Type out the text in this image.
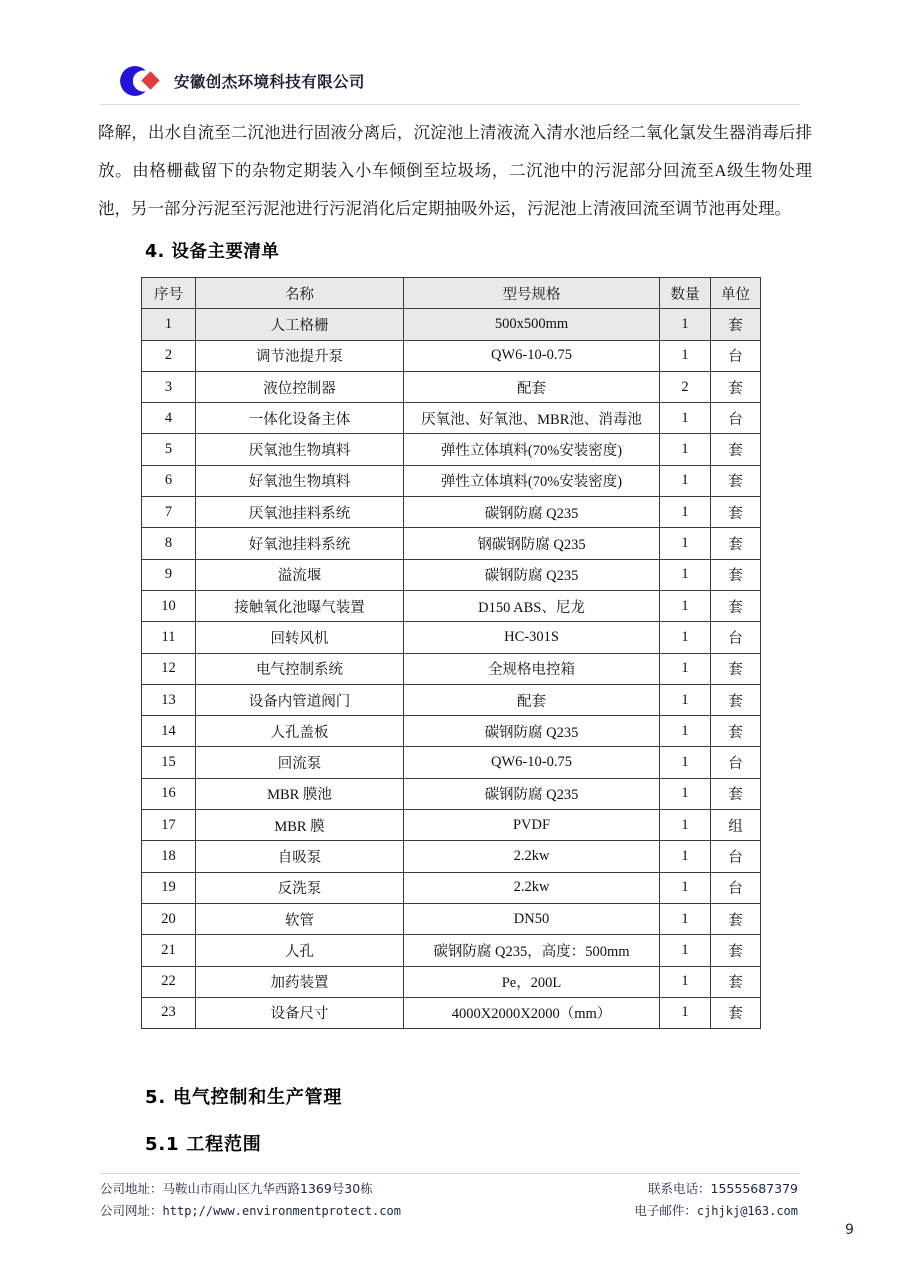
安徽创杰环境科技有限公司
降解，出水自流至二沉池进行固液分离后，沉淀池上清液流入清水池后经二氧化氯发生器消毒后排放。由格栅截留下的杂物定期装入小车倾倒至垃圾场，二沉池中的污泥部分回流至A级生物处理池，另一部分污泥至污泥池进行污泥消化后定期抽吸外运，污泥池上清液回流至调节池再处理。
4. 设备主要清单
序号	名称	型号规格	数量	单位
1	人工格栅	500x500mm	1	套
2	调节池提升泵	QW6-10-0.75	1	台
3	液位控制器	配套	2	套
4	一体化设备主体	厌氧池、好氧池、MBR池、消毒池	1	台
5	厌氧池生物填料	弹性立体填料(70%安装密度)	1	套
6	好氧池生物填料	弹性立体填料(70%安装密度)	1	套
7	厌氧池挂料系统	碳钢防腐 Q235	1	套
8	好氧池挂料系统	钢碳钢防腐 Q235	1	套
9	溢流堰	碳钢防腐 Q235	1	套
10	接触氧化池曝气装置	D150 ABS、尼龙	1	套
11	回转风机	HC-301S	1	台
12	电气控制系统	全规格电控箱	1	套
13	设备内管道阀门	配套	1	套
14	人孔盖板	碳钢防腐 Q235	1	套
15	回流泵	QW6-10-0.75	1	台
16	MBR 膜池	碳钢防腐 Q235	1	套
17	MBR 膜	PVDF	1	组
18	自吸泵	2.2kw	1	台
19	反洗泵	2.2kw	1	台
20	软管	DN50	1	套
21	人孔	碳钢防腐 Q235，高度：500mm	1	套
22	加药装置	Pe，200L	1	套
23	设备尺寸	4000X2000X2000（mm）	1	套
5. 电气控制和生产管理
5.1 工程范围
公司地址：马鞍山市雨山区九华西路1369号30栋	联系电话：15555687379
公司网址：http;//www.environmentprotect.com	电子邮件：cjhjkj@163.com
9
